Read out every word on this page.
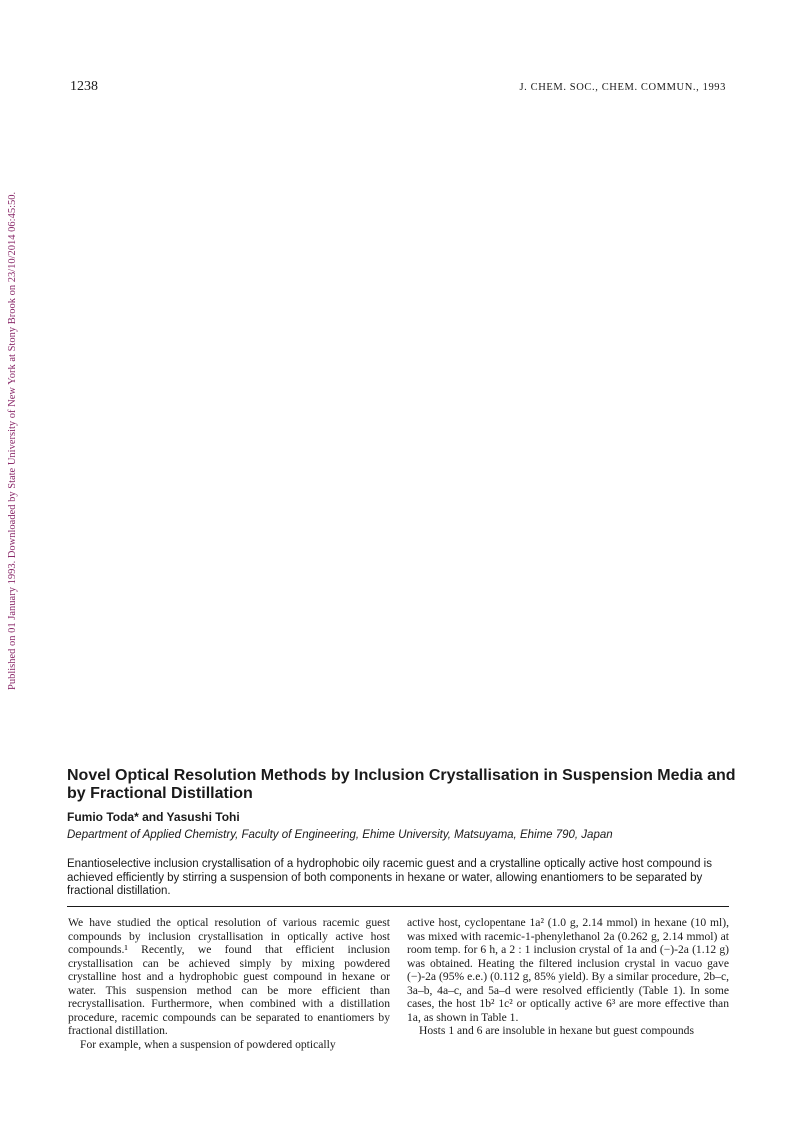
1238	J. CHEM. SOC., CHEM. COMMUN., 1993
Published on 01 January 1993. Downloaded by State University of New York at Stony Brook on 23/10/2014 06:45:50.
Novel Optical Resolution Methods by Inclusion Crystallisation in Suspension Media and by Fractional Distillation
Fumio Toda* and Yasushi Tohi
Department of Applied Chemistry, Faculty of Engineering, Ehime University, Matsuyama, Ehime 790, Japan

Enantioselective inclusion crystallisation of a hydrophobic oily racemic guest and a crystalline optically active host compound is achieved efficiently by stirring a suspension of both components in hexane or water, allowing enantiomers to be separated by fractional distillation.

We have studied the optical resolution of various racemic guest compounds by inclusion crystallisation in optically active host compounds.¹ Recently, we found that efficient inclusion crystallisation can be achieved simply by mixing powdered crystalline host and a hydrophobic guest compound in hexane or water. This suspension method can be more efficient than recrystallisation. Furthermore, when combined with a distillation procedure, racemic compounds can be separated to enantiomers by fractional distillation.

For example, when a suspension of powdered optically

active host, cyclopentane 1a² (1.0 g, 2.14 mmol) in hexane (10 ml), was mixed with racemic-1-phenylethanol 2a (0.262 g, 2.14 mmol) at room temp. for 6 h, a 2 : 1 inclusion crystal of 1a and (−)-2a (1.12 g) was obtained. Heating the filtered inclusion crystal in vacuo gave (−)-2a (95% e.e.) (0.112 g, 85% yield). By a similar procedure, 2b–c, 3a–b, 4a–c, and 5a–d were resolved efficiently (Table 1). In some cases, the host 1b² 1c² or optically active 6³ are more effective than 1a, as shown in Table 1.

Hosts 1 and 6 are insoluble in hexane but guest compounds
